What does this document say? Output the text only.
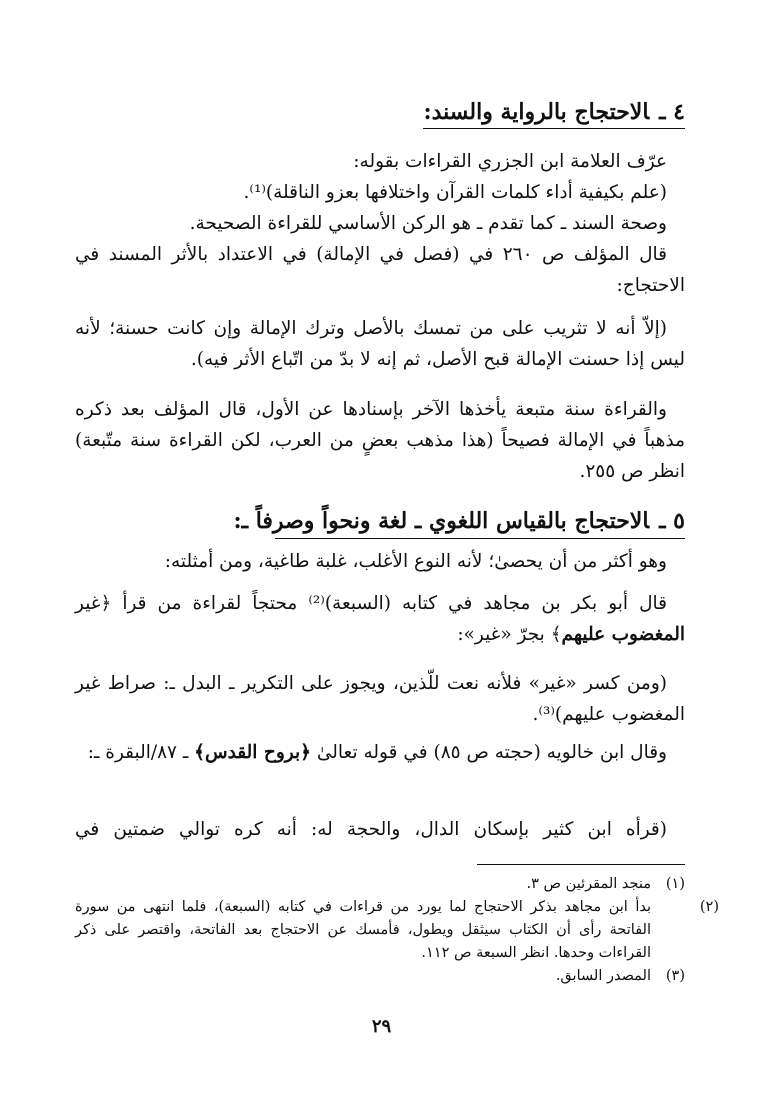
٤ ـالاحتجاج بالرواية والسند:

عرّف العلامة ابن الجزري القراءات بقوله:

(علم بكيفية أداء كلمات القرآن واختلافها بعزو الناقلة)⁽¹⁾.

وصحة السند ـ كما تقدم ـ هو الركن الأساسي للقراءة الصحيحة.

قال المؤلف ص ٢٦٠ في (فصل في الإمالة) في الاعتداد بالأثر المسند في الاحتجاج:

(إلاّ أنه لا تثريب على من تمسك بالأصل وترك الإمالة وإن كانت حسنة؛ لأنه ليس إذا حسنت الإمالة قبح الأصل، ثم إنه لا بدّ من اتّباع الأثر فيه).

والقراءة سنة متبعة يأخذها الآخر بإسنادها عن الأول، قال المؤلف بعد ذكره مذهباً في الإمالة فصيحاً (هذا مذهب بعضٍ من العرب، لكن القراءة سنة متّبعة) انظر ص ٢٥٥.

٥ ـالاحتجاج بالقياس اللغوي ـ لغة ونحواً وصرفاً ـ:

وهو أكثر من أن يحصىٰ؛ لأنه النوع الأغلب، غلبة طاغية، ومن أمثلته:

قال أبو بكر بن مجاهد في كتابه (السبعة)⁽²⁾ محتجاً لقراءة من قرأ ﴿غير المغضوب عليهم﴾ بجرّ «غير»:

(ومن كسر «غير» فلأنه نعت للّذين، ويجوز على التكرير ـ البدل ـ: صراط غير المغضوب عليهم)⁽³⁾.

وقال ابن خالويه (حجته ص ٨٥) في قوله تعالىٰ ﴿بروح القدس﴾ ـ ٨٧/البقرة ـ:

(قرأه ابن كثير بإسكان الدال، والحجة له: أنه كره توالي ضمتين في

(١)منجد المقرئين ص ٣.

(٢)بدأ ابن مجاهد بذكر الاحتجاج لما يورد من قراءات في كتابه (السبعة)، فلما انتهى من سورة الفاتحة رأى أن الكتاب سيثقل ويطول، فأمسك عن الاحتجاج بعد الفاتحة، واقتصر على ذكر القراءات وحدها. انظر السبعة ص ١١٢.

(٣)المصدر السابق.

٢٩
